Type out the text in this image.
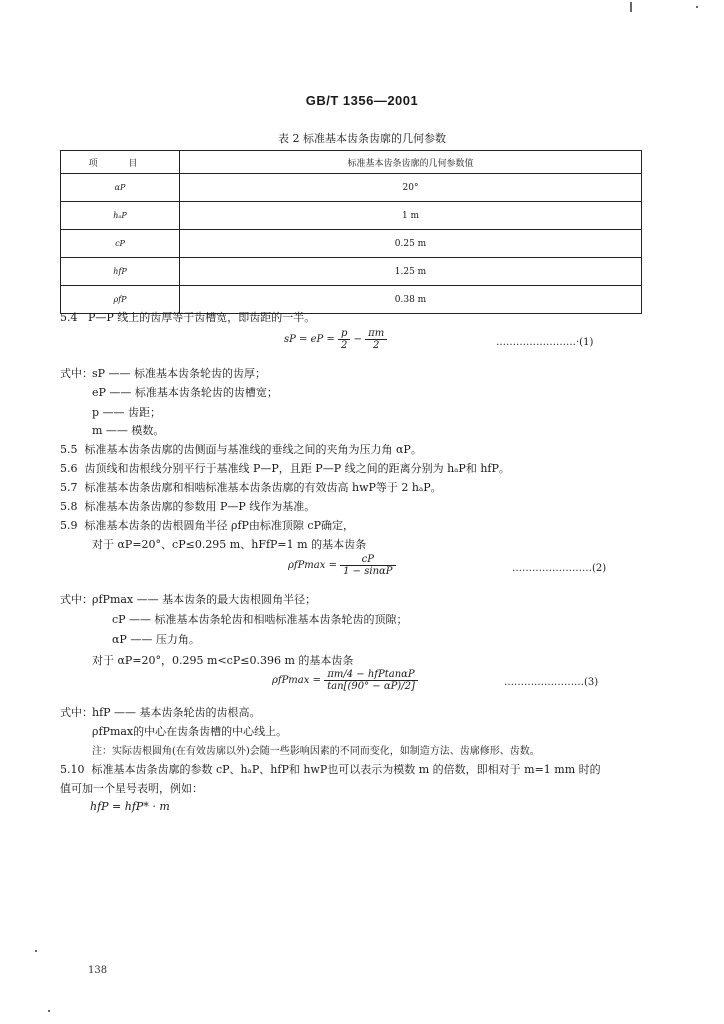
GB/T 1356—2001
表 2 标准基本齿条齿廓的几何参数
项 目	标准基本齿条齿廓的几何参数值
αP	20°
hₐP	1 m
cP	0.25 m
hfP	1.25 m
ρfP	0.38 m
5.4 P—P 线上的齿厚等于齿槽宽，即齿距的一半。
sP = eP = $\frac{p}{2} - \frac{\pi m}{2}$	……………………·(1)
式中： sP —— 标准基本齿条轮齿的齿厚；
eP —— 标准基本齿条轮齿的齿槽宽；
p —— 齿距；
m —— 模数。
5.5 标准基本齿条齿廓的齿侧面与基准线的垂线之间的夹角为压力角 αP。
5.6 齿顶线和齿根线分别平行于基准线 P—P，且距 P—P 线之间的距离分别为 hₐP和 hfP。
5.7 标准基本齿条齿廓和相啮标准基本齿条齿廓的有效齿高 hwP等于 2 hₐP。
5.8 标准基本齿条齿廓的参数用 P—P 线作为基准。
5.9 标准基本齿条的齿根圆角半径 ρfP由标准顶隙 cP确定，
对于 αP=20°、cP≤0.295 m、hFfP=1 m 的基本齿条
$\rho fPmax = \frac{cP}{1 - \sin\alpha P}$	……………………(2)
式中： ρfPmax —— 基本齿条的最大齿根圆角半径；
cP —— 标准基本齿条轮齿和相啮标准基本齿条轮齿的顶隙；
αP —— 压力角。
对于 αP=20°，0.295 m<cP≤0.396 m 的基本齿条
$\rho fPmax = \frac{\text{πm/4 − hfPtanαP}}{\tan[(90^\circ - \alpha P)/2]}$	……………………(3)
式中： hfP —— 基本齿条轮齿的齿根高。
ρfPmax的中心在齿条齿槽的中心线上。
注：实际齿根圆角(在有效齿廓以外)会随一些影响因素的不同而变化，如制造方法、齿廓修形、齿数。
5.10 标准基本齿条齿廓的参数 cP、hₐP、hfP和 hwP也可以表示为模数 m 的倍数，即相对于 m=1 mm 时的
值可加一个星号表明，例如：
hfP = hfP* · m
138
